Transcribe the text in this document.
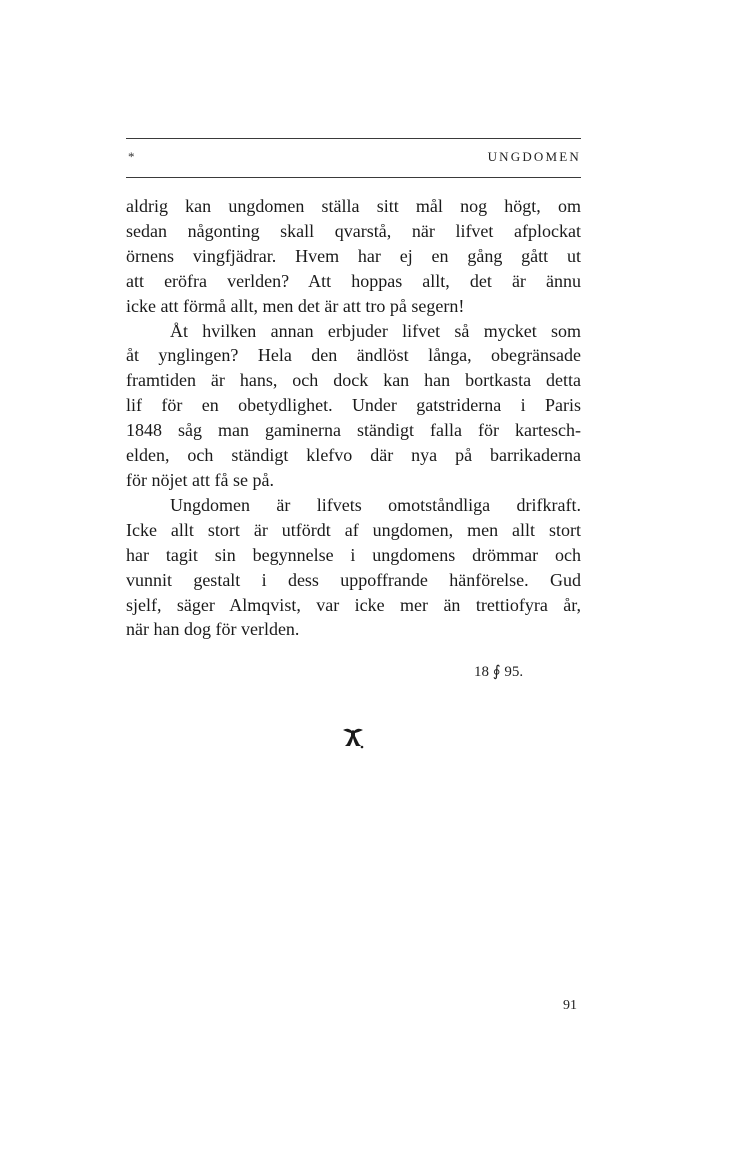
*	UNGDOMEN
aldrig kan ungdomen ställa sitt mål nog högt, om
sedan någonting skall qvarstå, när lifvet afplockat
örnens vingfjädrar. Hvem har ej en gång gått ut
att eröfra verlden? Att hoppas allt, det är ännu
icke att förmå allt, men det är att tro på segern!
Åt hvilken annan erbjuder lifvet så mycket som
åt ynglingen? Hela den ändlöst långa, obegränsade
framtiden är hans, och dock kan han bortkasta detta
lif för en obetydlighet. Under gatstriderna i Paris
1848 såg man gaminerna ständigt falla för kartesch-
elden, och ständigt klefvo där nya på barrikaderna
för nöjet att få se på.
Ungdomen är lifvets omotståndliga drifkraft.
Icke allt stort är utfördt af ungdomen, men allt stort
har tagit sin begynnelse i ungdomens drömmar och
vunnit gestalt i dess uppoffrande hänförelse. Gud
sjelf, säger Almqvist, var icke mer än trettiofyra år,
när han dog för verlden.
18 ∮ 95.
91
